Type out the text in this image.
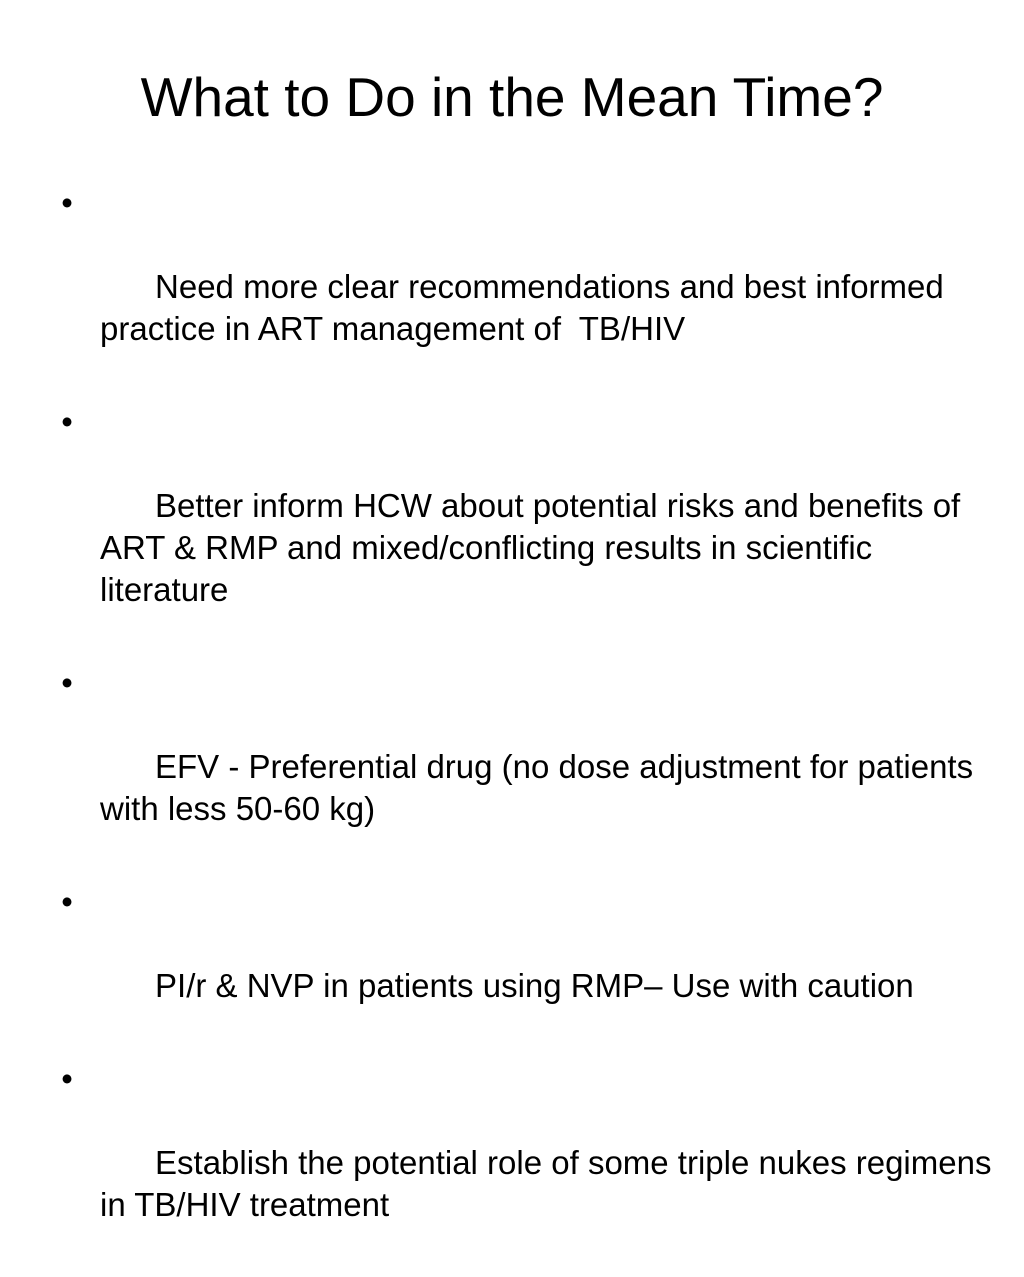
What to Do in the Mean Time?

•

Need more clear recommendations and best informed practice in ART management of  TB/HIV

•

Better inform HCW about potential risks and benefits of ART & RMP and mixed/conflicting results in scientific literature

•

EFV - Preferential drug (no dose adjustment for patients with less 50-60 kg)

•

PI/r & NVP in patients using RMP– Use with caution

•

Establish the potential role of some triple nukes regimens in TB/HIV treatment
